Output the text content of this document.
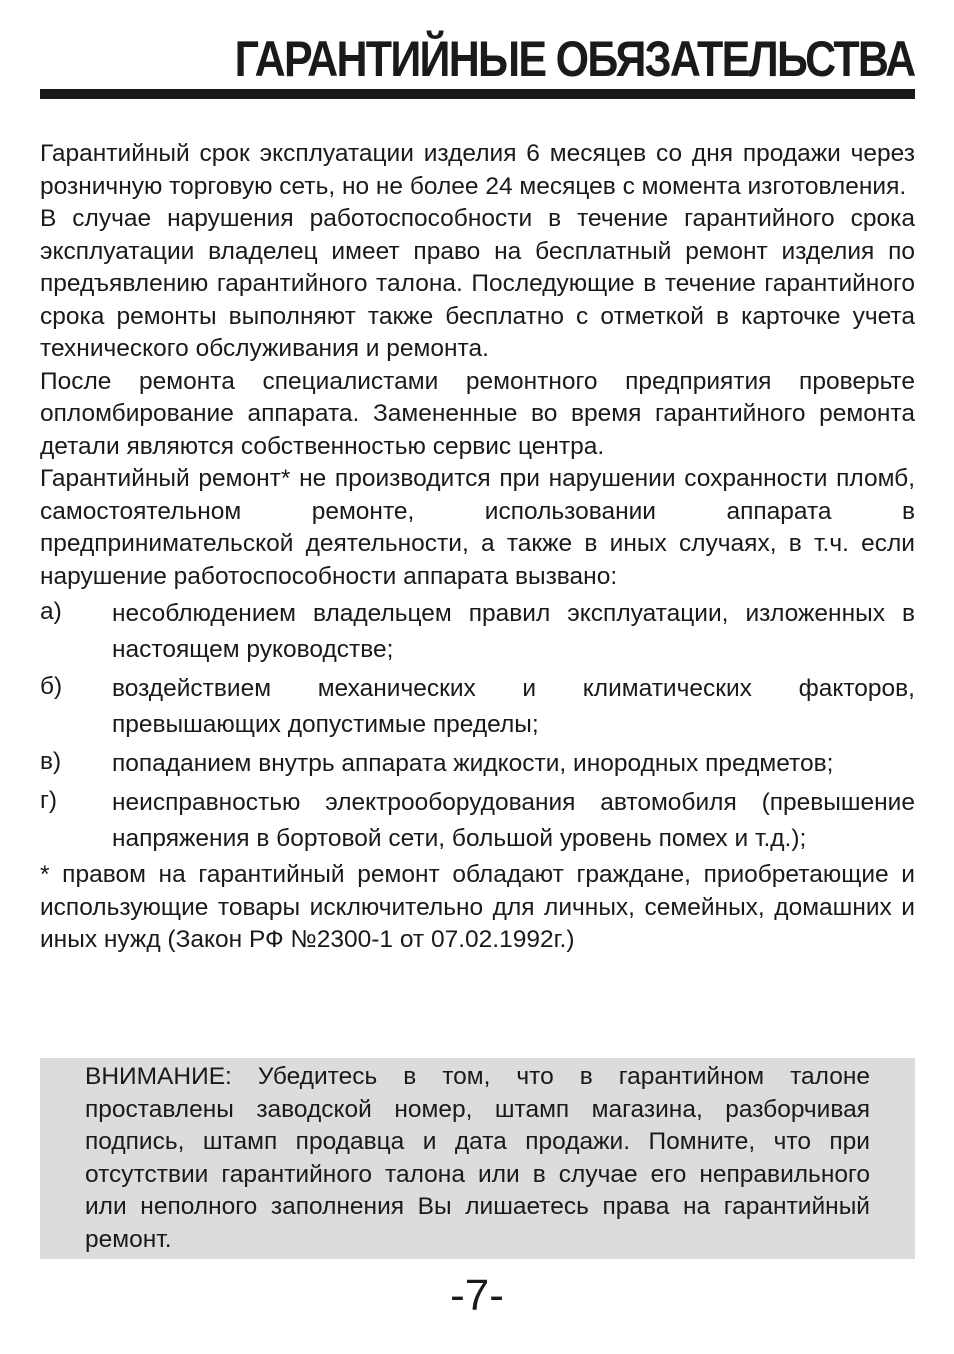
ГАРАНТИЙНЫЕ ОБЯЗАТЕЛЬСТВА

Гарантийный срок эксплуатации изделия 6 месяцев со дня продажи через розничную торговую сеть, но не более 24 месяцев с момента изготовления.

В случае нарушения работоспособности в течение гарантийного срока эксплуатации владелец имеет право на бесплатный ремонт изделия по предъявлению гарантийного талона. Последующие в течение гарантийного срока ремонты выполняют также бесплатно с отметкой в карточке учета технического обслуживания и ремонта.

После ремонта специалистами ремонтного предприятия проверьте опломбирование аппарата. Замененные во время гарантийного ремонта детали являются собственностью сервис центра.

Гарантийный ремонт* не производится при нарушении сохранности пломб, самостоятельном ремонте, использовании аппарата в предпринимательской деятельности, а также в иных случаях, в т.ч. если нарушение работоспособности аппарата вызвано:

а)	несоблюдением владельцем правил эксплуатации, изложенных в настоящем руководстве;
б)	воздействием механических и климатических факторов, превышающих допустимые пределы;
в)	попаданием внутрь аппарата жидкости, инородных предметов;
г)	неисправностью электрооборудования автомобиля (превышение напряжения в бортовой сети, большой уровень помех и т.д.);

* правом на гарантийный ремонт обладают граждане, приобретающие и использующие товары исключительно для личных, семейных, домашних и иных нужд (Закон РФ №2300-1 от 07.02.1992г.)

ВНИМАНИЕ: Убедитесь в том, что в гарантийном талоне проставлены заводской номер, штамп магазина, разборчивая подпись, штамп продавца и дата продажи. Помните, что при отсутствии гарантийного талона или в случае его неправильного или неполного заполнения Вы лишаетесь права на гарантийный ремонт.

-7-
